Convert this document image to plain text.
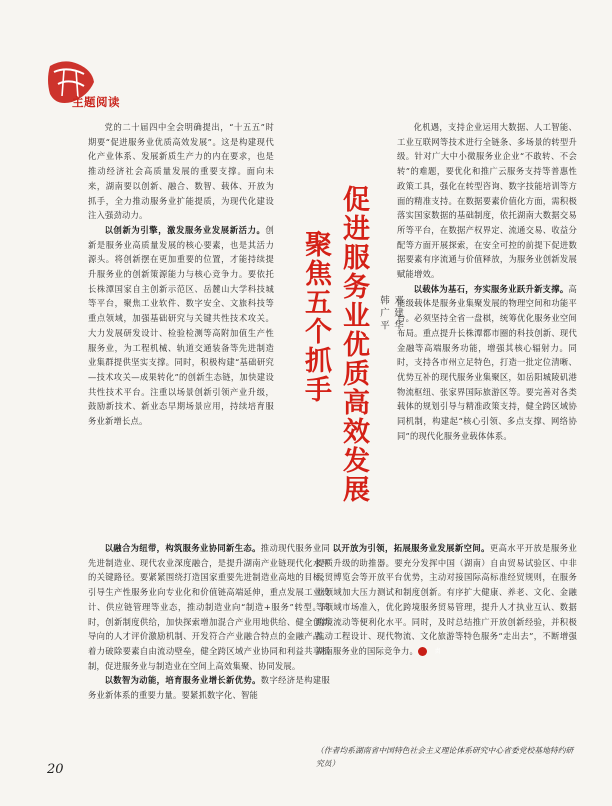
主题阅读

党的二十届四中全会明确提出，“十五五”时期要“促进服务业优质高效发展”。这是构建现代化产业体系、发展新质生产力的内在要求，也是推动经济社会高质量发展的重要支撑。面向未来，湖南要以创新、融合、数智、载体、开放为抓手，全力推动服务业扩能提质，为现代化建设注入强劲动力。

以创新为引擎，激发服务业发展新活力。创新是服务业高质量发展的核心要素，也是其活力源头。将创新摆在更加重要的位置，才能持续提升服务业的创新策源能力与核心竞争力。要依托长株潭国家自主创新示范区、岳麓山大学科技城等平台，聚焦工业软件、数字安全、文旅科技等重点领域，加强基础研究与关键共性技术攻关。大力发展研发设计、检验检测等高附加值生产性服务业，为工程机械、轨道交通装备等先进制造业集群提供坚实支撑。同时，积极构建“基础研究—技术攻关—成果转化”的创新生态链，加快建设共性技术平台。注重以场景创新引领产业升级，鼓励新技术、新业态早期场景应用，持续培育服务业新增长点。	促进服务业优质高效发展
聚焦五个抓手	邓建华
韩广平

化机遇，支持企业运用大数据、人工智能、工业互联网等技术进行全链条、多场景的转型升级。针对广大中小微服务业企业“不敢转、不会转”的难题，要优化和推广云服务支持等普惠性政策工具，强化在转型咨询、数字技能培训等方面的精准支持。在数据要素价值化方面，需积极落实国家数据的基础制度，依托湖南大数据交易所等平台，在数据产权界定、流通交易、收益分配等方面开展探索，在安全可控的前提下促进数据要素有序流通与价值释放，为服务业创新发展赋能增效。

以载体为基石，夯实服务业跃升新支撑。高能级载体是服务业集聚发展的物理空间和功能平台。必须坚持全省一盘棋，统筹优化服务业空间布局。重点提升长株潭都市圈的科技创新、现代金融等高端服务功能，增强其核心辐射力。同时，支持各市州立足特色，打造一批定位清晰、优势互补的现代服务业集聚区，如岳阳城陵矶港物流枢纽、张家界国际旅游区等。要完善对各类载体的规划引导与精准政策支持，健全跨区域协同机制，构建起“核心引领、多点支撑、网络协同”的现代化服务业载体体系。

以融合为纽带，构筑服务业协同新生态。推动现代服务业同先进制造业、现代农业深度融合，是提升湖南产业链现代化水平的关键路径。要紧紧围绕打造国家重要先进制造业高地的目标，引导生产性服务业向专业化和价值链高端延伸，重点发展工业设计、供应链管理等业态，推动制造业向“制造+服务”转型。同时，创新制度供给，加快探索增加混合产业用地供给、健全创新导向的人才评价激励机制、开发符合产业融合特点的金融产品。着力破除要素自由流动壁垒，健全跨区域产业协同和利益共享机制，促进服务业与制造业在空间上高效集聚、协同发展。

以数智为动能，培育服务业增长新优势。数字经济是构建服务业新体系的重要力量。要紧抓数字化、智能

以开放为引领，拓展服务业发展新空间。更高水平开放是服务业提质升级的助推器。要充分发挥中国（湖南）自由贸易试验区、中非经贸博览会等开放平台优势，主动对接国际高标准经贸规则，在服务业领域加大压力测试和制度创新。有序扩大健康、养老、文化、金融等领域市场准入，优化跨境服务贸易管理，提升人才执业互认、数据跨境流动等便利化水平。同时，及时总结推广开放创新经验，并积极推动工程设计、现代物流、文化旅游等特色服务“走出去”，不断增强湖南服务业的国际竞争力。	责

（作者均系湖南省中国特色社会主义理论体系研究中心省委党校基地特约研究员）
20
